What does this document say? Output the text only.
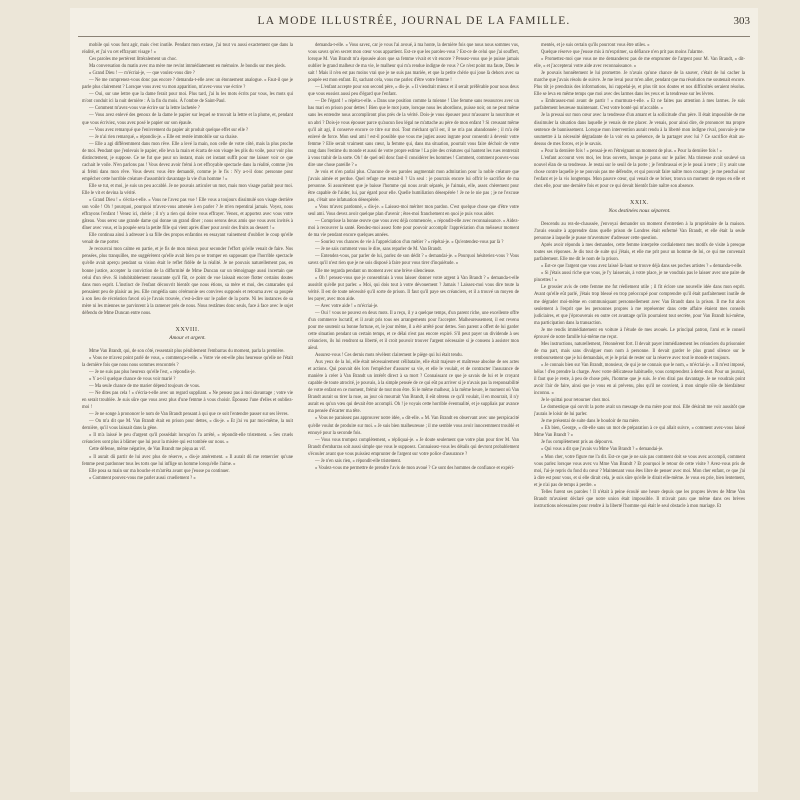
LA MODE ILLUSTRÉE, JOURNAL DE LA FAMILLE.	303

mobile qui vous font agir, mais c'est inutile. Pendant mon extase, j'ai tout vu aussi exactement que dans la réalité, et j'ai vu cet effrayant visage ! »

Ces paroles me pertèrent littéralement un choc.

Ma conversation du matin avec ma mère me revint immédiatement en mémoire. Je bondis sur mes pieds.

« Grand Dieu ! — m'écriai-je, — que voulez-vous dire ?

— Ne me comprenez-vous donc pas encore ? demanda-t-elle avec un étonnement analogue. « Faut-il que je parle plus clairement ? Lorsque vous avez vu mon apparition, m'avez-vous vue écrire ?

— Oui, sur une lettre que la dame ferait pour moi. Plus tard, j'ai lu les mots écrits par vous, les mots qui m'ont conduit ici la nuit dernière : À la fin du mois. À l'ombre de Saint-Paul.

— Comment m'avez-vous vue écrire sur la lettre lachetée ?

— Vous avez enlevé des genoux de la dame le papier sur lequel se trouvait la lettre et la plume, et, pendant que vous écriviez, vous avez posé le papier sur son épaule.

— Vous avez remarqué que l'enivrement du papier ait produit quelque effet sur elle ?

— Je n'ai rien remarqué, » répondis-je. « Elle est restée immobile sur sa chaise.

— Elle a agi différemment dans mon rêve. Elle a levé la main, non celle de votre côté, mais la plus proche de moi. Pendant que j'enlevais le papier, elle leva la main et écarta de son visage les plis du voile, pour voir plus distinctement, je suppose. Ce ne fut que pour un instant, mais cet instant suffit pour me laisser voir ce que cachait le voile. N'en parlons pas ! Vous devez avoir frémi à cet effroyable spectacle dans la réalité, comme j'en ai frémi dans mon rêve. Vous devez vous être demandé, comme je le fis : N'y a-t-il donc personne pour empêcher cette horrible créature d'assombrir davantage la vie d'un homme ! »

Elle se tut, et moi, je suis un peu accablé. Je ne pouvais articuler un mot, mais mon visage parlait pour moi. Elle le vit et devina la vérité.

« Grand Dieu ! » s'écria-t-elle. « Vous ne l'avez pas vue ! Elle vous a toujours dissimulé son visage derrière son voile ! Oh ! pourquoi, pourquoi m'avez-vous amenée à en parler ? Je m'en repentirai jamais. Voyez, nous effrayons l'enfant ! Venez ici, chérie ; il n'y a rien qui doive vous effrayer. Venez, et apportez avec vous votre gâteau. Vous serez une grande dame qui donne un grand dîner ; nous serons deux amis que vous avez invités à dîner avec vous, et la poupée sera la petite fille qui vient après dîner pour avoir des fruits au dessert ! »

Elle continua ainsi à adresser à sa fille des propos enfantins en essayant vainement d'oublier le coup qu'elle venait de me porter.

Je recouvrai mon calme en partie, et je fis de mon mieux pour seconder l'effort qu'elle venait de faire. Nos pensées, plus tranquilles, me suggérèrent qu'elle avait bien pu se tromper en supposant que l'horrible spectacle qu'elle avait aperçu pendant sa vision était le reflet fidèle de la réalité. Je ne pouvais naturellement pas, en bonne justice, accepter la conviction de la difformité de Mme Duncan sur un témoignage aussi incertain que celui d'un rêve. Si indubitablement rassurante qu'il fût, ce point de vue laissait encore flotter certains doutes dans mon esprit. L'instinct de l'enfant découvrit bientôt que nous étions, sa mère et moi, des camarades qui pensaient peu de plaisir au jeu. Elle congédia sans cérémonie ses convives supposés et retourna avec sa poupée à son lieu de récréation favori où je l'avais trouvée, c'est-à-dire sur le palier de la porte. Ni les instances de sa mère ni les miennes ne parvinrent à la ramener près de nous. Nous restâmes donc seuls, face à face avec le sujet défendu de Mme Duncan entre nous.

XXVIII.
Amour et argent.

Mme Van Brandt, qui, de son côté, ressentait plus péniblement l'embarras du moment, parla la première.

« Vous ne m'avez point parlé de vous, » commença-t-elle. « Votre vie est-elle plus heureuse qu'elle ne l'était la dernière fois que nous nous sommes rencontrés ?

— Je ne suis pas plus heureux qu'elle l'est, » répondis-je.

« Y a-t-il quelque chance de vous voir marié ?

— Ma seule chance de me marier dépend toujours de vous.

— Ne dites pas cela ! » s'écria-t-elle avec un regard suppliant. « Ne pensez pas à moi davantage ; votre vie en serait troublée. Je suis sûre que vous avez plus d'une femme à vous choisir. Épousez l'une d'elles et oubliez-moi !

— Je ne songe à prononcer le nom de Van Brandt pensant à qui que ce soit l'entendre passer sur ses lèvres.

— On m'a dit que M. Van Brandt était en prison pour dettes, » dis-je. « Et j'ai vu par moi-même, la nuit dernière, qu'il vous laissait dans la gêne.

« Il m'a laissé le peu d'argent qu'il possédait lorsqu'on l'a arrêté, » répondit-elle tristement. « Ses cruels créanciers sont plus à blâmer que lui pour la misère qui est tombée sur nous. »

Cette défense, même négative, de Van Brandt me piqua au vif.

« Il aurait dû partir de lui avec plus de réserve, » dis-je amèrement. « Il aurait dû me remercier qu'une femme peut pardonner tous les torts que lui inflige un homme lorsqu'elle l'aime. »

Elle posa sa main sur ma bouche et m'arrêta avant que j'eusse pu continuer.

« Comment pouvez-vous me parler aussi cruellement ? »

demanda-t-elle. « Vous savez, car je vous l'ai avoué, à ma honte, la dernière fois que nous nous sommes vus, vous savez qu'en secret mon cœur vous appartient. Est-ce que les paroles-vous ? Est-ce de celui que j'ai souffert, lorsque M. Van Brandt m'a épousée alors que sa femme vivait et vit encore ? Pensez-vous que je puisse jamais oublier le grand malheur de ma vie, le malheur qui m'a rendue indigne de vous ? Ce n'est point ma faute, Dieu le sait ! Mais il n'en est pas moins vrai que je ne suis pas mariée, et que la petite chérie qui joue là dehors avec sa poupée est mon enfant. Et, sachant cela, vous me parlez d'être votre femme !

— L'enfant accepte pour son second père, » dis-je. « Il viendrait mieux et il serait préférable pour nous deux que vous eussiez aussi peu d'égard que l'enfant.

— De l'égard ! » répéta-t-elle. « Dans une position comme la mienne ! Une femme sans ressources avec un bas mari en prison pour dettes ! Bien que le mot juste, lorsque nous les abordions, puisse noir, on ne peut même sans les entendre nous accompliront plus près de la vérité. Dois-je vous épouser pour m'assurer la nourriture et un abri ? Dois-je vous épouser parce qu'aucun lieu légal ne m'attache au père de mon enfant ? Si creusant même qu'il ait agi, il conserve encore ce titre sur moi. Tout méchant qu'il est, il ne m'a pas abandonnée ; il m'a été enlevé de force. Mon seul ami ! est-il possible que vous me jugiez assez ingrate pour consentir à devenir votre femme ? Elle serait vraiment sans cœur, la femme qui, dans ma situation, pourrait vous faire déchoir de votre rang dans l'estime du monde et aussi de votre propre estime ! La pire des créatures qui hantent les rues rentrerait à vous trahir de la sorte. Oh ! de quel œil donc faut-il considérer les hommes ! Comment, comment pouvez-vous dire une chose pareille ? »

Je vois et n'en parlai plus. Chacune de ses paroles augmentait mon admiration pour la noble créature que j'avais aimée et perdue. Quel refuge me restait-il ? Un seul : je pourrais encore lui offrir le sacrifice de ma personne. Si assurément que je baisse l'homme qui nous avait séparés, je l'aimais, elle, assez chèrement pour être capable de l'aider, lui, par égard pour elle. Quelle humiliation désespérée ! Je ne le nie pas ; je ne l'excuse pas, c'était une infatuation désespérée.

« Vous m'avez pardonné, » dis-je. « Laissez-moi mériter mon pardon. C'est quelque chose que d'être votre seul ami. Vous devez avoir quelque plan d'avenir ; êtes-moi franchement en quoi je puis vous aider.

— Comprisse la bonne œuvre que vous avez déjà commencée, » répondit-elle avec reconnaissance. « Aidez-moi à recouvrer la santé. Rendez-moi assez forte pour pouvoir accomplir l'appréciation d'un méisseur moment de ma vie pendant encore quelques années.

— Souriez vos chances de vie à l'appréciation d'un métier ? » répétai-je. « Qu'entendez-vous par là ?

— Je ne sais comment vous le dire, sans reparler de M. Van Brandt.

— Entendez-vous, par parler de lui, parlez de son dédit ? » demandai-je. « Pourquoi hésiteriez-vous ? Vous savez qu'il n'est rien que je ne sois disposé à faire pour vous tirer d'inquiétude. »

Elle me regarda pendant un moment avec une brève silencieuse.

« Oh ! pensez-vous que je consentirais à vous laisser donner votre argent à Van Brandt ? » demanda-t-elle aussitôt qu'elle put parler. « Moi, qui dois tout à votre dévouement ? Jamais ! Laissez-moi vous dire toute la vérité. Il est de toute nécessité qu'il sorte de prison. Il faut qu'il paye ses créanciers, et il a trouvé un moyen de les payer, avec mon aide.

— Avec votre aide ! » m'écriai-je.

— Oui ! vous ne pouvez en deux mots. Il a reçu, il y a quelque temps, d'un parent riche, une excellente offre d'un commerce lucratif, et il avait pris tous ses arrangements pour l'accepter. Malheureusement, il est revenu pour me soutenir sa bonne fortune, et, le jour même, il a été arrêté pour dettes. Son parent a offert de lui garder cette situation pendant un certain temps, et ce délai n'est pas encore expiré. S'il peut payer un dividende à ses créanciers, ils lui rendront sa liberté, et il croit pouvoir trouver l'argent nécessaire si je consens à assister mon aïeul.

Assurez-vous ! Ces dernis mots révèlent clairement le piège qui lui était tendu.

Aux yeux de la loi, elle était nécessairement célibataire, elle était majeure et maîtresse absolue de ses actes et actions. Qui pouvait dès lors l'empêcher d'assurer sa vie, et elle le voulait, et de contracter l'assurance de manière à créer à Van Brandt un intérêt direct à sa mort ? Connaissant ce que je savais de lui et le croyant capable de toute atrocité, je pouvais, à la simple pensée de ce qui eût pu arriver si je n'avais pas la responsabilité de votre enfant en ce moment, frémir de tout mon être. Si le même malheur, à la même heure, le moment où Van Brandt aurait su tirer la ruse, au jour où mourrait Van Brandt, il eût obtenu ce qu'il voulait, il en mourrait, il n'y aurait eu qu'un vœu qui devait être accompli. Oh ! je voyais cette horrible éventualité, et je suppliais par avance ma pensée d'écarter ma tête.

« Vous ne paraissez pas approuver notre idée, » dit-elle. « M. Van Brandt en observant avec une perspicacité qu'elle voulut de produire sur moi. « Je suis bien malheureuse ; il me semble vous avoir innocemment troublé et ennuyé pour la seconde fois.

— Vous vous trompez complètement, » répliquai-je. « Je doute seulement que votre plan pour tirer M. Van Brandt d'embarras soit aussi simple que vous le supposez. Connaissez-vous les détails qui devront probablement s'écouler avant que vous puissiez emprunter de l'argent sur votre police d'assurance ?

— Je n'en sais rien, » répondit-elle tristement.

« Voulez-vous me permettre de prendre l'avis de mon avoué ? Ce sont des hommes de confiance et expéri-

mentés, et je suis certain qu'ils pourront vous être utiles. »

Quelque réserve que j'eusse mis à m'exprimer, sa défiance n'en prit pas moins l'alarme.

« Promettez-moi que vous ne me demanderez pas de me emprunter de l'argent pour M. Van Brandt, » dit-elle, « et j'accepterai votre aide avec reconnaissance. »

Je pouvais honnêtement le lui promettre. Je n'avais qu'une chance de la sauver, c'était de lui cacher la marche que j'avais résolu de suivre. Je me levai pour m'en aller, pendant que ma résolution me soutenait encore. Plus tôt je prendrais des informations, lui rappelai-je, et plus tôt nos doutes et nos difficultés seraient résolus. Elle se leva en même temps que moi avec des larmes dans les yeux et la tendresse sur les lèvres.

« Embrassez-moi avant de partir ! » murmura-t-elle. « Et ne faites pas attention à mes larmes. Je suis parfaitement heureuse maintenant. C'est votre bonté qui m'accable. »

Je la pressai sur mon cœur avec la tendresse d'un amant et la sollicitude d'un père. Il était impossible de me dissimuler la situation dans laquelle je venais de me placer. Je venais, pour ainsi dire, de prononcer ma propre sentence de bannissement. Lorsque mon intervention aurait rendu à la liberté mon indigne rival, pouvais-je me soumettre à la nécessité dégradante de la voir en sa présence, de la partager avec lui ? Ce sacrifice était au-dessus de mes forces, et je le savais.

« Pour la dernière fois ! » pensai-je en l'étreignant un moment de plus. « Pour la dernière fois ! »

L'enfant accourut vers moi, les bras ouverts, lorsque je parus sur le palier. Ma tristesse avait soulevé un nouvel élan de sa tendresse. Je restai sur le seuil de la porte ; je l'embrassai et je le posai à terre ; il y avait une chose contre laquelle je ne pouvais pas me défendre, et qui pouvait faire naître mon courage ; je me penchai sur l'enfant et je la vis longtemps. Mon pauvre cœur, qui venait de se briser, trouva un moment de repos en elle et chez elle, pour une dernière fois et pour ce qui devait bientôt faire naître son absence.

XXIX.
Nos destinées nous séparent.

Descendu au rez-de-chaussée, j'envoyai demander un moment d'entretien à la propriétaire de la maison. J'avais ensuite à apprendre dans quelle prison de Londres était enfermé Van Brandt, et elle était la seule personne à laquelle je pusse m'aventurer d'adresser cette question.

Après avoir répondu à mes demandes, cette femme interprète cordialement mes motifs de visite à presque toutes ses réponses. Je dis tout de suite qui j'étais, et elle me prit pour un homme de loi, ce qui me convenait parfaitement. Elle me dit le nom de la prison.

« Est-ce que l'argent que vous avez laissé là-haut se trouve déjà dans ses poches artistes ? » demanda-t-elle.

« Si j'étais aussi riche que vous, je l'y laisserais, à votre place, je ne voudrais pas le laisser avec une paire de pincettes ! »

Le grossier avis de cette femme me fut réellement utile ; il fit éclore une nouvelle idée dans mon esprit. Avant qu'elle eût parlé, j'étais trop blessé en trop préoccupé pour comprendre qu'il était parfaitement inutile de me dégrader moi-même en communiquant personnellement avec Van Brandt dans la prison. Il me fut alors seulement à l'esprit que les personnes propres à me représenter dans cette affaire étaient mes conseils judiciaires, et que j'éprouverais en outre cet avantage qu'ils pourraient tout secrète, pour Van Brandt lui-même, ma participation dans la transaction.

Je me rendis immédiatement en voiture à l'étude de mes avoués. Le principal patron, l'ami et le conseil éprouvé de notre famille lui-même me reçut.

Mes instructions, naturellement, l'étonnèrent fort. Il devait payer immédiatement les créanciers du prisonnier de ma part, mais sans divulguer mon nom à personne. Il devait garder le plus grand silence sur le remboursement que je lui demandais, et je le priai de rester sur la réserve avec tout le monde et toujours.

« Je connais bien sur Van Brandt, monsieur, de qui je ne connais que le nom, » m'écriai-je. « Il m'est imposé, hélas ! d'en prendre la charge. Avec votre délicatesse habituelle, vous comprendrez à demi-mot. Pour un journal, il faut que je reste, à peu de chose près, l'homme que je suis. Je n'en dirai pas davantage. Je ne voudrais point avoir l'air de faire, ainsi que je vous en ai prévenu, plus qu'il ne convient, à mon simple rôle de bienfaiteur inconnu. »

Je le quittai pour retourner chez moi.

Le domestique qui ouvrit la porte avait un message de ma mère pour moi. Elle désirait me voir aussitôt que j'aurais le loisir de lui parler.

Je me présentai de suite dans le boudoir de ma mère.

« Eh bien, George, » dit-elle sans un mot de préparation à ce qui allait suivre, « comment avez-vous laissé Mme Van Brandt ? »

Je fus complètement pris au dépourvu.

« Qui vous a dit que j'avais vu Mme Van Brandt ? » demandai-je.

« Mon cher, votre figure me l'a dit. Est-ce que je ne sais pas comment doit se vous avez accompli, comment vous parlez lorsque vous avez vu Mme Van Brandt ? Et pourquoi le retour de cette visite ? Avez-vous pris de moi, l'ai-je repris du fond du cœur ? Maintenant vous êtes libre de penser avec moi. Mon cher enfant, ce que j'ai à dire est pour vous, et si elle dirait cela, je suis sûre qu'elle le dirait elle-même. Je vous en prie, bien lentement, et je n'ai pas de temps à perdre. »

Telles furent ses paroles ! Il n'était à peine écoulé une heure depuis que les propres lèvres de Mme Van Brandt m'avaient déclaré que notre union était impossible. Il m'avait paru que même dans ces brèves instructions nécessaires pour rendre à la liberté l'homme qui était le seul obstacle à mon mariage. Et
